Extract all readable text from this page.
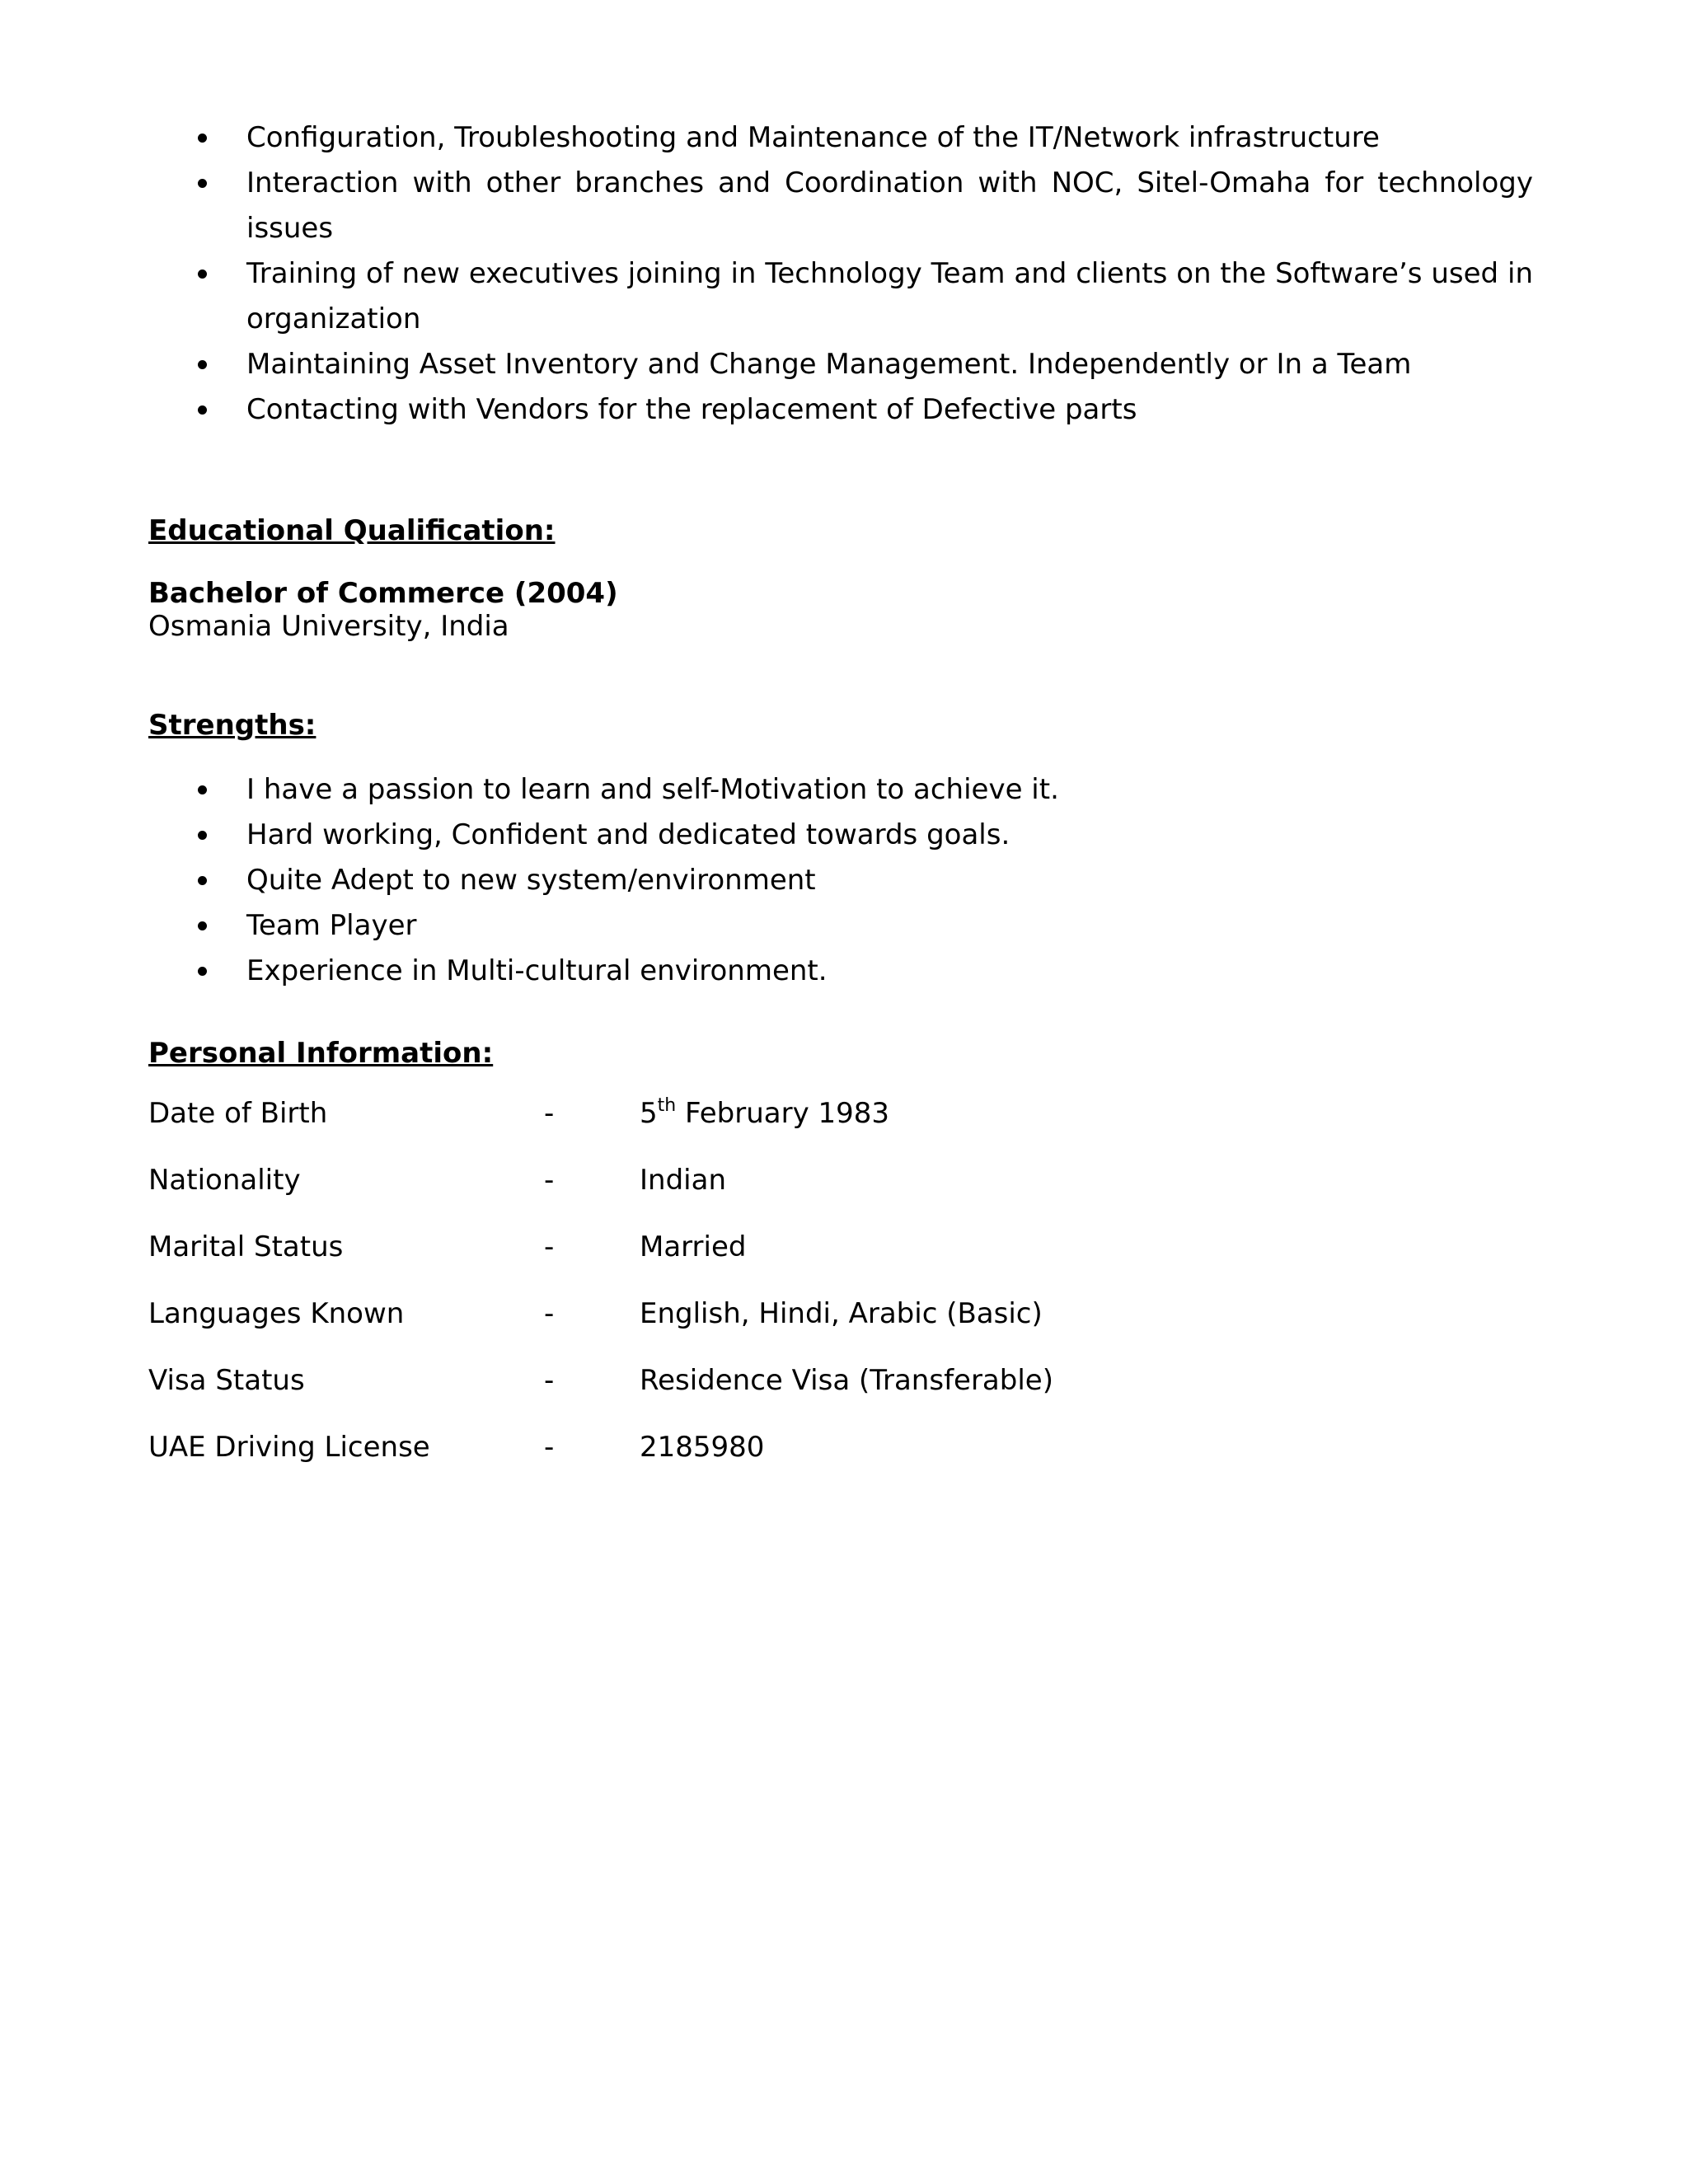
Configuration, Troubleshooting and Maintenance of the IT/Network infrastructure
Interaction with other branches and Coordination with NOC, Sitel-Omaha for technology issues
Training of new executives joining in Technology Team and clients on the Software’s used in organization
Maintaining Asset Inventory and Change Management. Independently or In a Team
Contacting with Vendors for the replacement of Defective parts

Educational Qualification:

Bachelor of Commerce (2004)

Osmania University, India

Strengths:

I have a passion to learn and self-Motivation to achieve it.
Hard working, Confident and dedicated towards goals.
Quite Adept to new system/environment
Team Player
Experience in Multi-cultural environment.

Personal Information:

Date of Birth	-	5th February 1983
Nationality	-	Indian
Marital Status	-	Married
Languages Known	-	English, Hindi, Arabic (Basic)
Visa Status	-	Residence Visa (Transferable)
UAE Driving License	-	2185980
